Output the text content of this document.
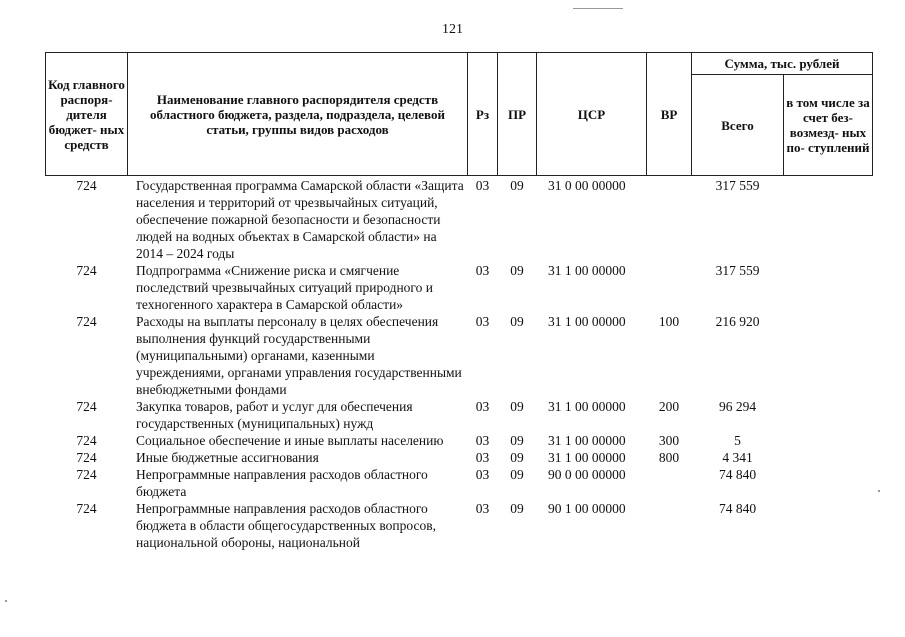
121
Код главного распоря- дителя бюджет- ных средств	Наименование главного распорядителя средств областного бюджета, раздела, подраздела, целевой статьи, группы видов расходов	Рз	ПР	ЦСР	ВР	Сумма, тыс. рублей	
						Всего	в том числе за счет без- возмезд- ных по- ступлений
724	Государственная программа Самарской области «Защита населения и территорий от чрезвычайных ситуаций, обеспечение пожарной безопасности и безопасности людей на водных объектах в Самарской области» на 2014 – 2024 годы	03	09	31 0 00 00000		317 559	
724	Подпрограмма «Снижение риска и смягчение последствий чрезвычайных ситуаций природного и техногенного характера в Самарской области»	03	09	31 1 00 00000		317 559	
724	Расходы на выплаты персоналу в целях обеспечения выполнения функций государственными (муниципальными) органами, казенными учреждениями, органами управления государственными внебюджетными фондами	03	09	31 1 00 00000	100	216 920	
724	Закупка товаров, работ и услуг для обеспечения государственных (муниципальных) нужд	03	09	31 1 00 00000	200	96 294	
724	Социальное обеспечение и иные выплаты населению	03	09	31 1 00 00000	300	5	
724	Иные бюджетные ассигнования	03	09	31 1 00 00000	800	4 341	
724	Непрограммные направления расходов областного бюджета	03	09	90 0 00 00000		74 840	
724	Непрограммные направления расходов областного бюджета в области общегосударственных вопросов, национальной обороны, национальной	03	09	90 1 00 00000		74 840	
